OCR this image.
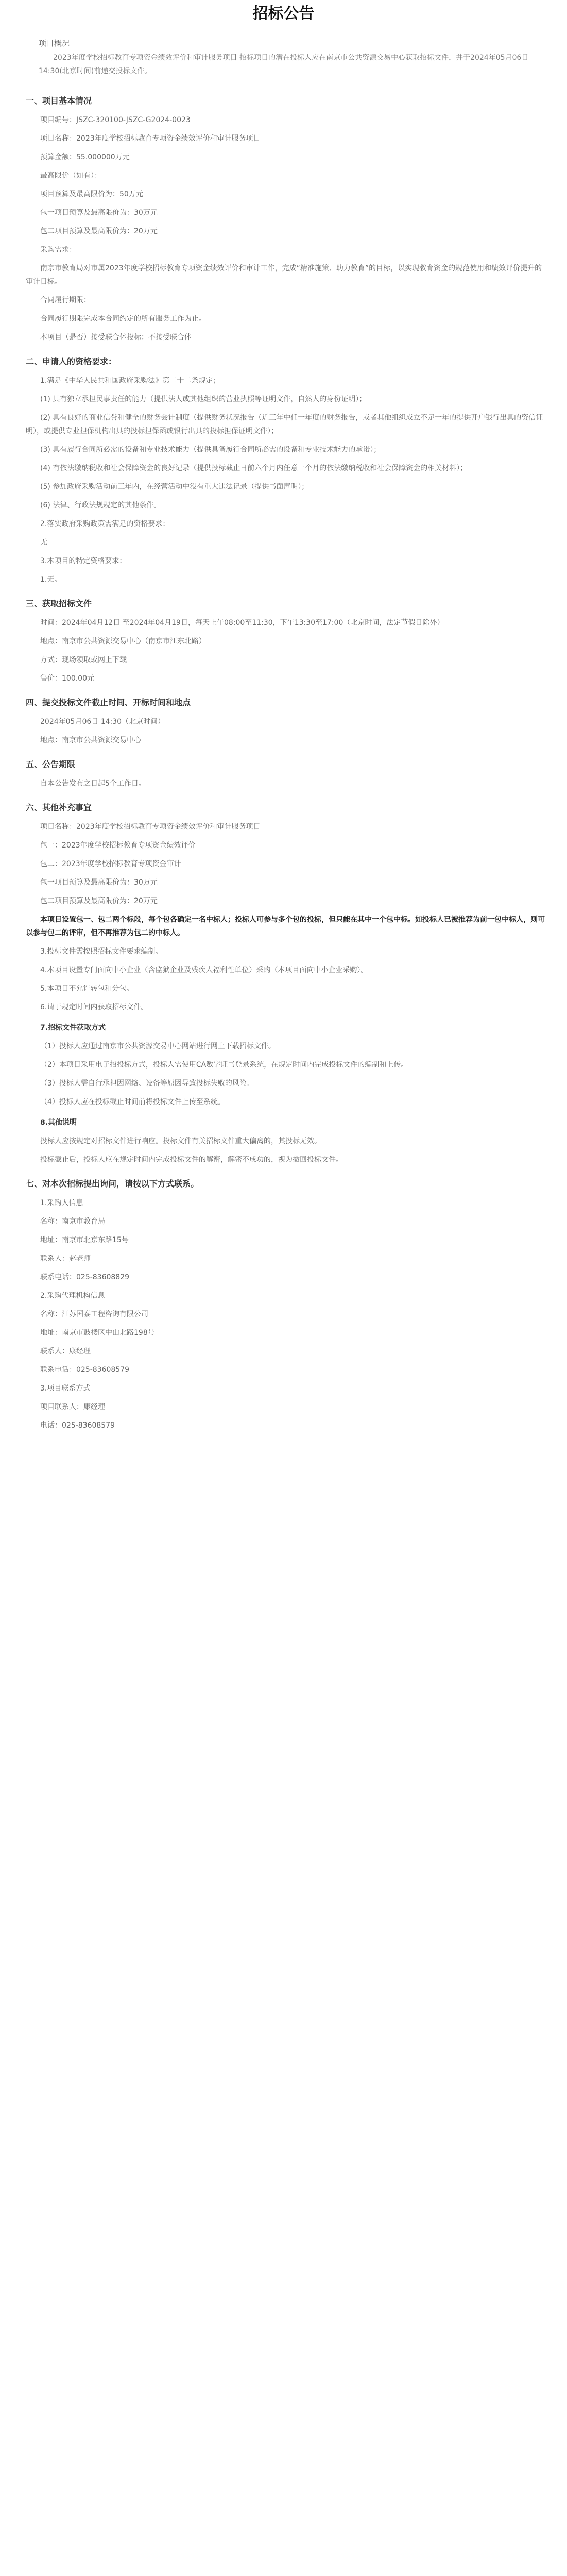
招标公告
项目概况
2023年度学校招标教育专项资金绩效评价和审计服务项目 招标项目的潜在投标人应在南京市公共资源交易中心获取招标文件，并于2024年05月06日 14:30(北京时间)前递交投标文件。
一、项目基本情况
项目编号：JSZC-320100-JSZC-G2024-0023
项目名称：2023年度学校招标教育专项资金绩效评价和审计服务项目
预算金额：55.000000万元
最高限价（如有）：
项目预算及最高限价为：50万元
包一项目预算及最高限价为：30万元
包二项目预算及最高限价为：20万元
采购需求：
南京市教育局对市属2023年度学校招标教育专项资金绩效评价和审计工作，完成“精准施策、助力教育”的目标，以实现教育资金的规范使用和绩效评价提升的审计目标。
合同履行期限：
合同履行期限完成本合同约定的所有服务工作为止。
本项目（是否）接受联合体投标：不接受联合体
二、申请人的资格要求：
1.满足《中华人民共和国政府采购法》第二十二条规定；
(1) 具有独立承担民事责任的能力（提供法人或其他组织的营业执照等证明文件，自然人的身份证明）；
(2) 具有良好的商业信誉和健全的财务会计制度（提供财务状况报告（近三年中任一年度的财务报告，或者其他组织成立不足一年的提供开户银行出具的资信证明），或提供专业担保机构出具的投标担保函或银行出具的投标担保证明文件）；
(3) 具有履行合同所必需的设备和专业技术能力（提供具备履行合同所必需的设备和专业技术能力的承诺）；
(4) 有依法缴纳税收和社会保障资金的良好记录（提供投标截止日前六个月内任意一个月的依法缴纳税收和社会保障资金的相关材料）；
(5) 参加政府采购活动前三年内，在经营活动中没有重大违法记录（提供书面声明）；
(6) 法律、行政法规规定的其他条件。
2.落实政府采购政策需满足的资格要求：
无
3.本项目的特定资格要求：
1.无。
三、获取招标文件
时间：2024年04月12日 至2024年04月19日，每天上午08:00至11:30，下午13:30至17:00（北京时间，法定节假日除外）
地点：南京市公共资源交易中心（南京市江东北路）
方式：现场领取或网上下载
售价：100.00元
四、提交投标文件截止时间、开标时间和地点
2024年05月06日 14:30（北京时间）
地点：南京市公共资源交易中心
五、公告期限
自本公告发布之日起5个工作日。
六、其他补充事宜
项目名称：2023年度学校招标教育专项资金绩效评价和审计服务项目
包一：2023年度学校招标教育专项资金绩效评价
包二：2023年度学校招标教育专项资金审计
包一项目预算及最高限价为：30万元
包二项目预算及最高限价为：20万元
本项目设置包一、包二两个标段，每个包各确定一名中标人；投标人可参与多个包的投标，但只能在其中一个包中标。如投标人已被推荐为前一包中标人，则可以参与包二的评审，但不再推荐为包二的中标人。
3.投标文件需按照招标文件要求编制。
4.本项目设置专门面向中小企业（含监狱企业及残疾人福利性单位）采购（本项目面向中小企业采购）。
5.本项目不允许转包和分包。
6.请于规定时间内获取招标文件。
7.招标文件获取方式
（1）投标人应通过南京市公共资源交易中心网站进行网上下载招标文件。
（2）本项目采用电子招投标方式，投标人需使用CA数字证书登录系统，在规定时间内完成投标文件的编制和上传。
（3）投标人需自行承担因网络、设备等原因导致投标失败的风险。
（4）投标人应在投标截止时间前将投标文件上传至系统。
8.其他说明
投标人应按规定对招标文件进行响应。投标文件有关招标文件重大偏离的，其投标无效。
投标截止后，投标人应在规定时间内完成投标文件的解密，解密不成功的，视为撤回投标文件。
七、对本次招标提出询问，请按以下方式联系。
1.采购人信息
名称：南京市教育局
地址：南京市北京东路15号
联系人：赵老师
联系电话：025-83608829
2.采购代理机构信息
名称：江苏国泰工程咨询有限公司
地址：南京市鼓楼区中山北路198号
联系人：康经理
联系电话：025-83608579
3.项目联系方式
项目联系人：康经理
电话：025-83608579
